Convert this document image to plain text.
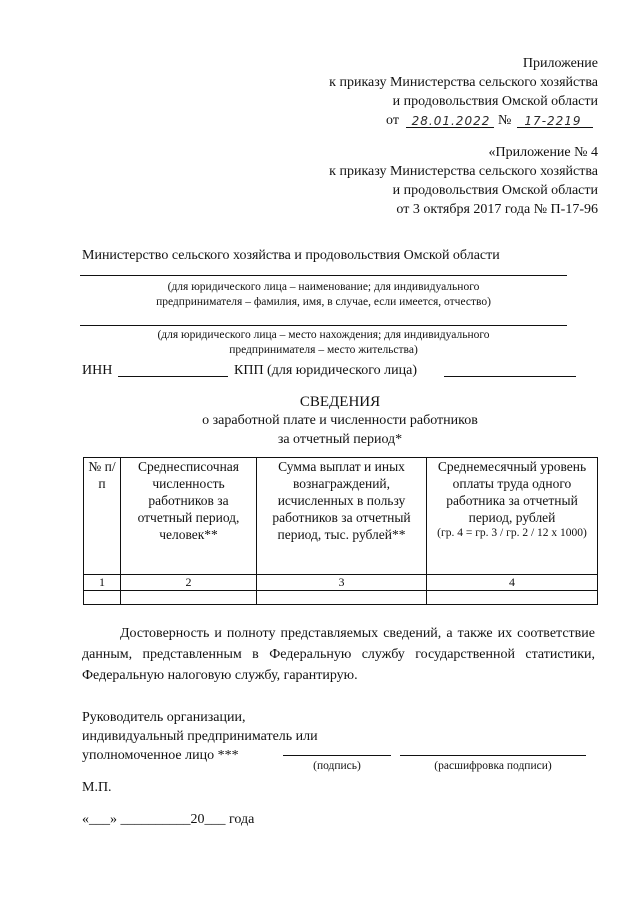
Приложение
к приказу Министерства сельского хозяйства
и продовольствия Омской области
от	28.01.2022 №	17-2219
«Приложение № 4
к приказу Министерства сельского хозяйства
и продовольствия Омской области
от 3 октября 2017 года № П-17-96
Министерство сельского хозяйства и продовольствия Омской области
(для юридического лица – наименование; для индивидуального
предпринимателя – фамилия, имя, в случае, если имеется, отчество)
(для юридического лица – место нахождения; для индивидуального
предпринимателя – место жительства)
ИНН	КПП (для юридического лица)
СВЕДЕНИЯ
о заработной плате и численности работников
за отчетный период*
№ п/п	Среднесписочная численность работников за отчетный период, человек**	Сумма выплат и иных вознаграждений, исчисленных в пользу работников за отчетный период, тыс. рублей**	Среднемесячный уровень оплаты труда одного работника за отчетный период, рублей
(гр. 4 = гр. 3 / гр. 2 / 12 х 1000)

1	2	3	4

Достоверность и полноту представляемых сведений, а также их соответствие данным, представленным в Федеральную службу государственной статистики, Федеральную налоговую службу, гарантирую.
Руководитель организации,
индивидуальный предприниматель или
уполномоченное лицо ***
(подпись)	(расшифровка подписи)
М.П.
«___» __________20___ года
